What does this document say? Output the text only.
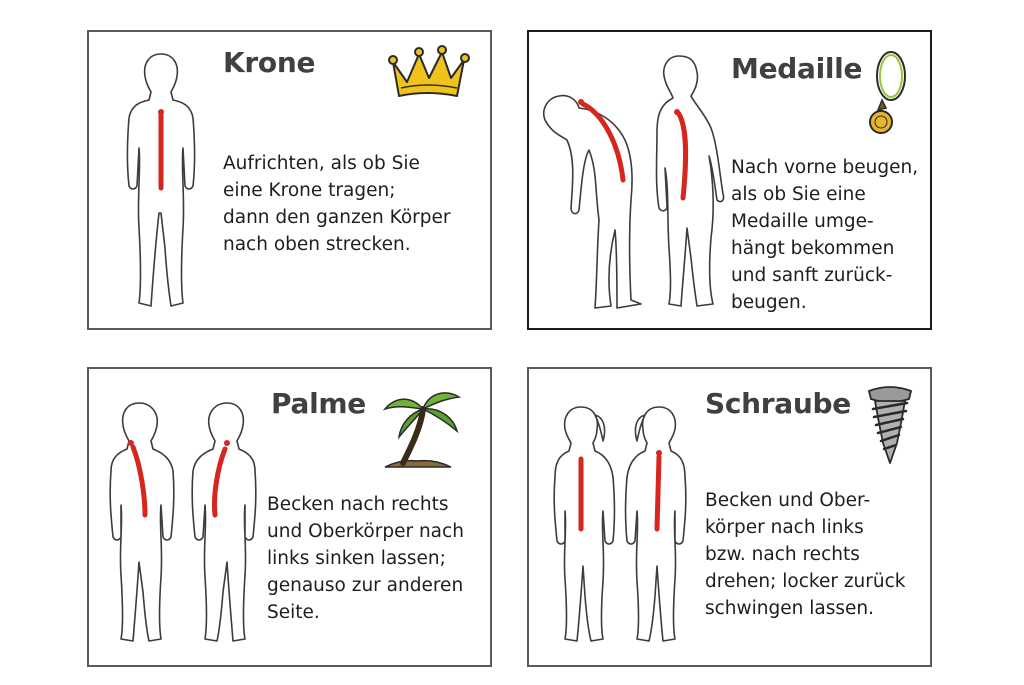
Krone
Aufrichten, als ob Sie
eine Krone tragen;
dann den ganzen Körper
nach oben strecken.
Medaille
Nach vorne beugen,
als ob Sie eine
Medaille umge-
hängt bekommen
und sanft zurück-
beugen.
Palme
Becken nach rechts
und Oberkörper nach
links sinken lassen;
genauso zur anderen
Seite.
Schraube
Becken und Ober-
körper nach links
bzw. nach rechts
drehen; locker zurück
schwingen lassen.
